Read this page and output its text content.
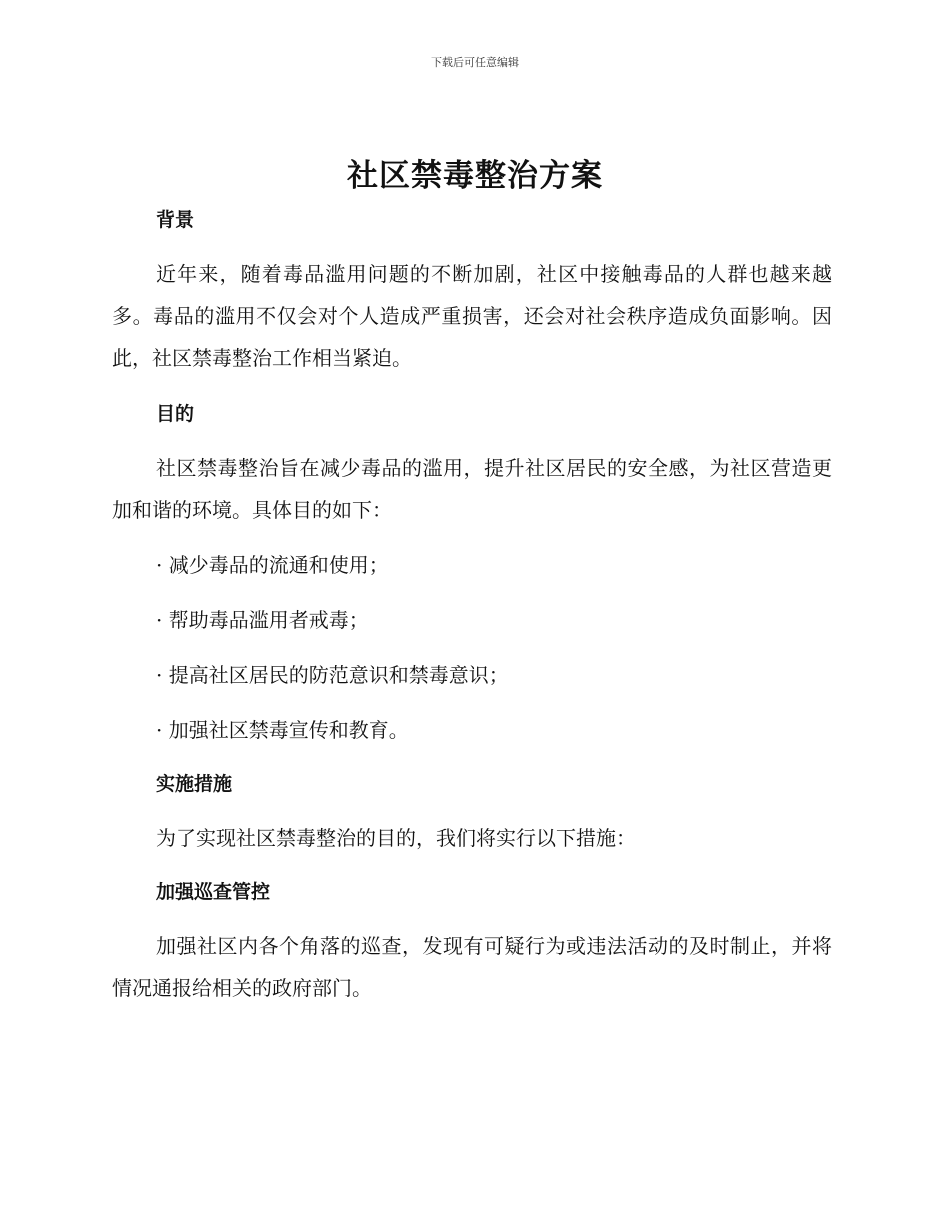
下载后可任意编辑
社区禁毒整治方案
背景

近年来，随着毒品滥用问题的不断加剧，社区中接触毒品的人群也越来越多。毒品的滥用不仅会对个人造成严重损害，还会对社会秩序造成负面影响。因此，社区禁毒整治工作相当紧迫。

目的

社区禁毒整治旨在减少毒品的滥用，提升社区居民的安全感，为社区营造更加和谐的环境。具体目的如下：

· 减少毒品的流通和使用；

· 帮助毒品滥用者戒毒；

· 提高社区居民的防范意识和禁毒意识；

· 加强社区禁毒宣传和教育。

实施措施

为了实现社区禁毒整治的目的，我们将实行以下措施：

加强巡查管控

加强社区内各个角落的巡查，发现有可疑行为或违法活动的及时制止，并将情况通报给相关的政府部门。
